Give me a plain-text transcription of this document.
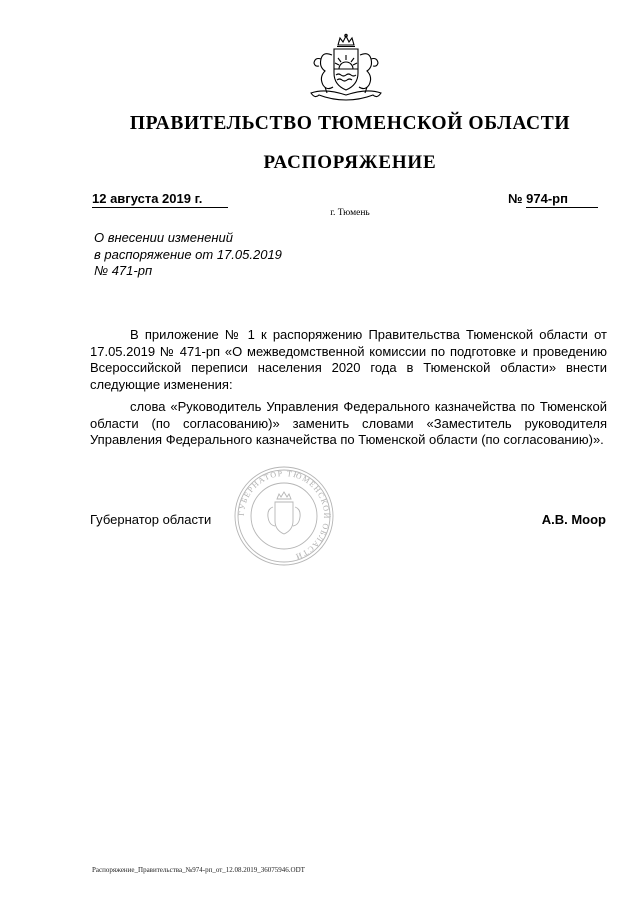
ПРАВИТЕЛЬСТВО ТЮМЕНСКОЙ ОБЛАСТИ
РАСПОРЯЖЕНИЕ
12 августа 2019 г.	№ 974-рп
г. Тюмень
О внесении изменений
в распоряжение от 17.05.2019
№ 471-рп
В приложение № 1 к распоряжению Правительства Тюменской области от 17.05.2019 № 471-рп «О межведомственной комиссии по подготовке и проведению Всероссийской переписи населения 2020 года в Тюменской области» внести следующие изменения:
слова «Руководитель Управления Федерального казначейства по Тюменской области (по согласованию)» заменить словами «Заместитель руководителя Управления Федерального казначейства по Тюменской области (по согласованию)».
ГУБЕРНАТОР ТЮМЕНСКОЙ ОБЛАСТИ
Губернатор области	А.В. Моор
Распоряжение_Правительства_№974-рп_от_12.08.2019_36075946.ODT
